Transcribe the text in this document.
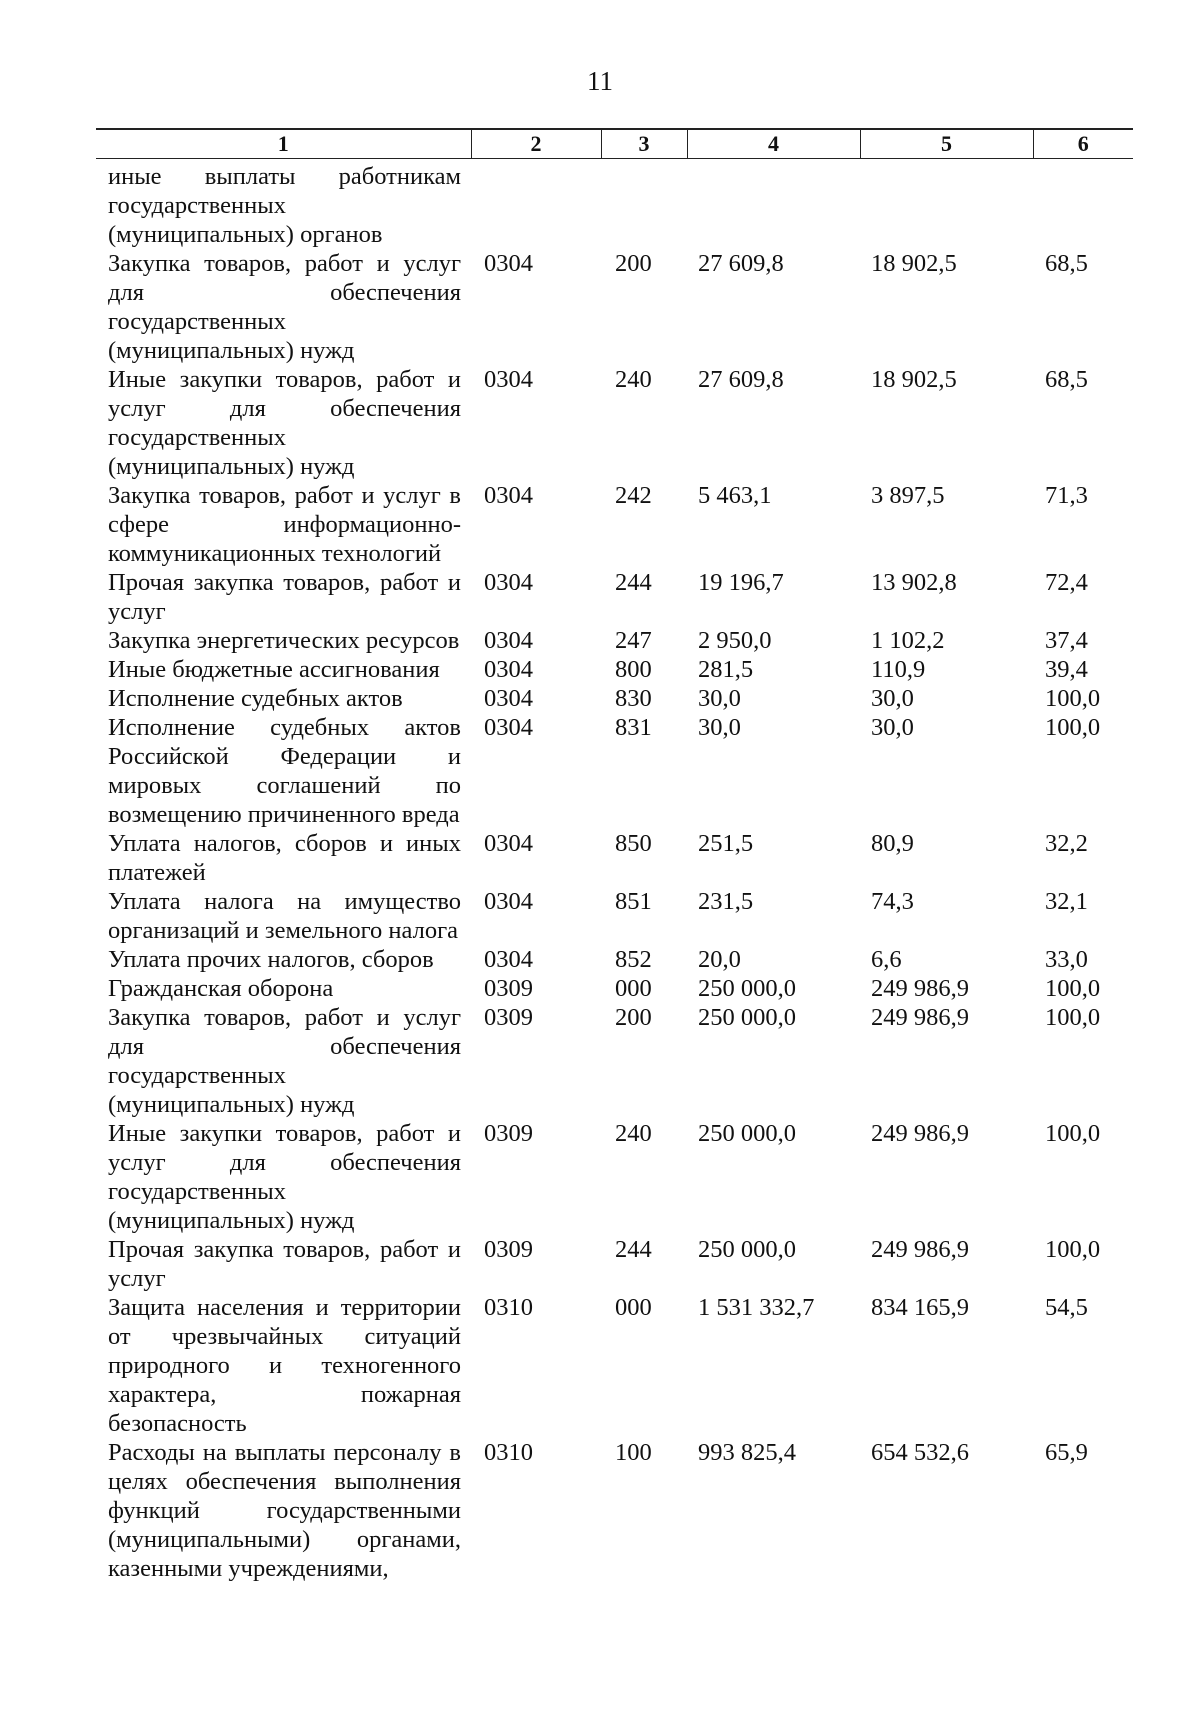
11
1	2	3	4	5	6
иные выплаты работникам государственных (муниципальных) органов					
Закупка товаров, работ и услуг для обеспечения государственных (муниципальных) нужд	0304	200	27 609,8	18 902,5	68,5
Иные закупки товаров, работ и услуг для обеспечения государственных (муниципальных) нужд	0304	240	27 609,8	18 902,5	68,5
Закупка товаров, работ и услуг в сфере информационно-коммуникационных технологий	0304	242	5 463,1	3 897,5	71,3
Прочая закупка товаров, работ и услуг	0304	244	19 196,7	13 902,8	72,4
Закупка энергетических ресурсов	0304	247	2 950,0	1 102,2	37,4
Иные бюджетные ассигнования	0304	800	281,5	110,9	39,4
Исполнение судебных актов	0304	830	30,0	30,0	100,0
Исполнение судебных актов Российской Федерации и мировых соглашений по возмещению причиненного вреда	0304	831	30,0	30,0	100,0
Уплата налогов, сборов и иных платежей	0304	850	251,5	80,9	32,2
Уплата налога на имущество организаций и земельного налога	0304	851	231,5	74,3	32,1
Уплата прочих налогов, сборов	0304	852	20,0	6,6	33,0
Гражданская оборона	0309	000	250 000,0	249 986,9	100,0
Закупка товаров, работ и услуг для обеспечения государственных (муниципальных) нужд	0309	200	250 000,0	249 986,9	100,0
Иные закупки товаров, работ и услуг для обеспечения государственных (муниципальных) нужд	0309	240	250 000,0	249 986,9	100,0
Прочая закупка товаров, работ и услуг	0309	244	250 000,0	249 986,9	100,0
Защита населения и территории от чрезвычайных ситуаций природного и техногенного характера, пожарная безопасность	0310	000	1 531 332,7	834 165,9	54,5
Расходы на выплаты персоналу в целях обеспечения выполнения функций государственными (муниципальными) органами, казенными учреждениями,	0310	100	993 825,4	654 532,6	65,9
